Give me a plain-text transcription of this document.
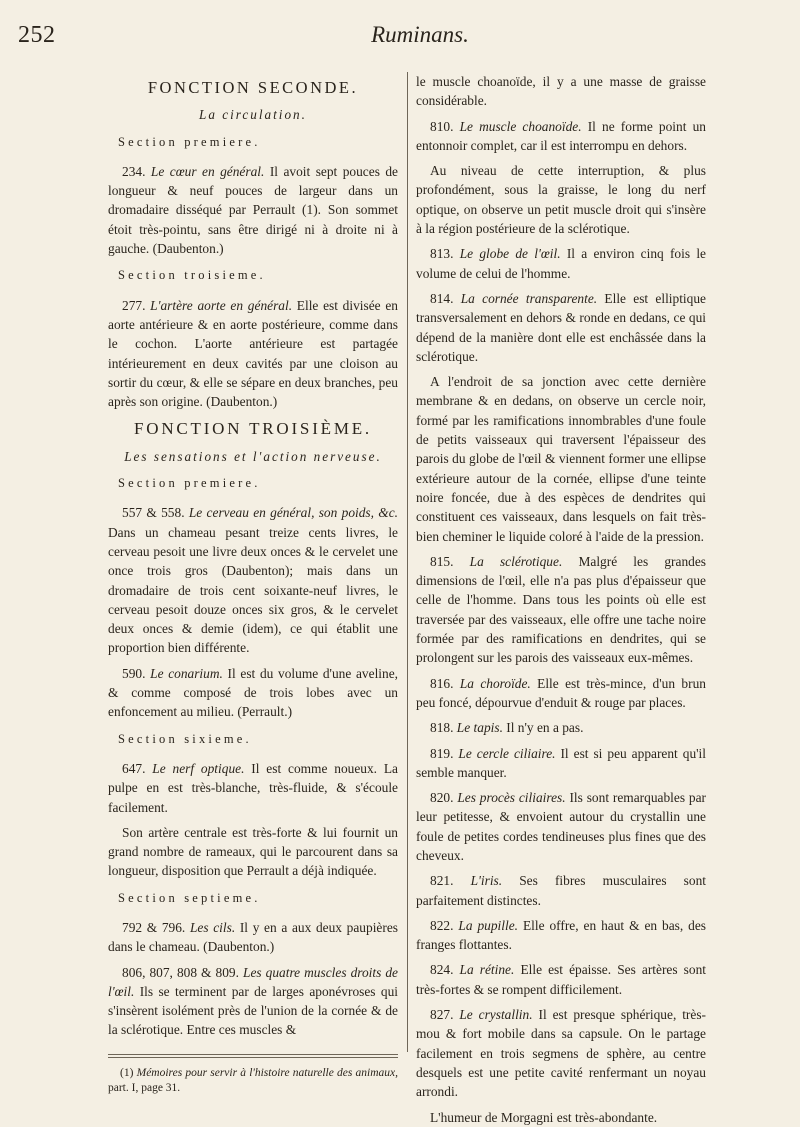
252	Ruminans.
FONCTION SECONDE.
La circulation.
Section premiere.

234. Le cœur en général. Il avoit sept pouces de longueur & neuf pouces de largeur dans un dromadaire disséqué par Perrault (1). Son sommet étoit très-pointu, sans être dirigé ni à droite ni à gauche. (Daubenton.)

Section troisieme.

277. L'artère aorte en général. Elle est divisée en aorte antérieure & en aorte postérieure, comme dans le cochon. L'aorte antérieure est partagée intérieurement en deux cavités par une cloison au sortir du cœur, & elle se sépare en deux branches, peu après son origine. (Daubenton.)

FONCTION TROISIÈME.
Les sensations et l'action nerveuse.
Section premiere.

557 & 558. Le cerveau en général, son poids, &c. Dans un chameau pesant treize cents livres, le cerveau pesoit une livre deux onces & le cervelet une once trois gros (Daubenton); mais dans un dromadaire de trois cent soixante-neuf livres, le cerveau pesoit douze onces six gros, & le cervelet deux onces & demie (idem), ce qui établit une proportion bien différente.

590. Le conarium. Il est du volume d'une aveline, & comme composé de trois lobes avec un enfoncement au milieu. (Perrault.)

Section sixieme.

647. Le nerf optique. Il est comme noueux. La pulpe en est très-blanche, très-fluide, & s'écoule facilement.

Son artère centrale est très-forte & lui fournit un grand nombre de rameaux, qui le parcourent dans sa longueur, disposition que Perrault a déjà indiquée.

Section septieme.

792 & 796. Les cils. Il y en a aux deux paupières dans le chameau. (Daubenton.)

806, 807, 808 & 809. Les quatre muscles droits de l'œil. Ils se terminent par de larges aponévroses qui s'insèrent isolément près de l'union de la cornée & de la sclérotique. Entre ces muscles &

(1) Mémoires pour servir à l'histoire naturelle des animaux, part. I, page 31.

le muscle choanoïde, il y a une masse de graisse considérable.

810. Le muscle choanoïde. Il ne forme point un entonnoir complet, car il est interrompu en dehors.

Au niveau de cette interruption, & plus profondément, sous la graisse, le long du nerf optique, on observe un petit muscle droit qui s'insère à la région postérieure de la sclérotique.

813. Le globe de l'œil. Il a environ cinq fois le volume de celui de l'homme.

814. La cornée transparente. Elle est elliptique transversalement en dehors & ronde en dedans, ce qui dépend de la manière dont elle est enchâssée dans la sclérotique.

A l'endroit de sa jonction avec cette dernière membrane & en dedans, on observe un cercle noir, formé par les ramifications innombrables d'une foule de petits vaisseaux qui traversent l'épaisseur des parois du globe de l'œil & viennent former une ellipse extérieure autour de la cornée, ellipse d'une teinte noire foncée, due à des espèces de dendrites qui constituent ces vaisseaux, dans lesquels on fait très-bien cheminer le liquide coloré à l'aide de la pression.

815. La sclérotique. Malgré les grandes dimensions de l'œil, elle n'a pas plus d'épaisseur que celle de l'homme. Dans tous les points où elle est traversée par des vaisseaux, elle offre une tache noire formée par des ramifications en dendrites, qui se prolongent sur les parois des vaisseaux eux-mêmes.

816. La choroïde. Elle est très-mince, d'un brun peu foncé, dépourvue d'enduit & rouge par places.

818. Le tapis. Il n'y en a pas.

819. Le cercle ciliaire. Il est si peu apparent qu'il semble manquer.

820. Les procès ciliaires. Ils sont remarquables par leur petitesse, & envoient autour du crystallin une foule de petites cordes tendineuses plus fines que des cheveux.

821. L'iris. Ses fibres musculaires sont parfaitement distinctes.

822. La pupille. Elle offre, en haut & en bas, des franges flottantes.

824. La rétine. Elle est épaisse. Ses artères sont très-fortes & se rompent difficilement.

827. Le crystallin. Il est presque sphérique, très-mou & fort mobile dans sa capsule. On le partage facilement en trois segmens de sphère, au centre desquels est une petite cavité renfermant un noyau arrondi.

L'humeur de Morgagni est très-abondante.
